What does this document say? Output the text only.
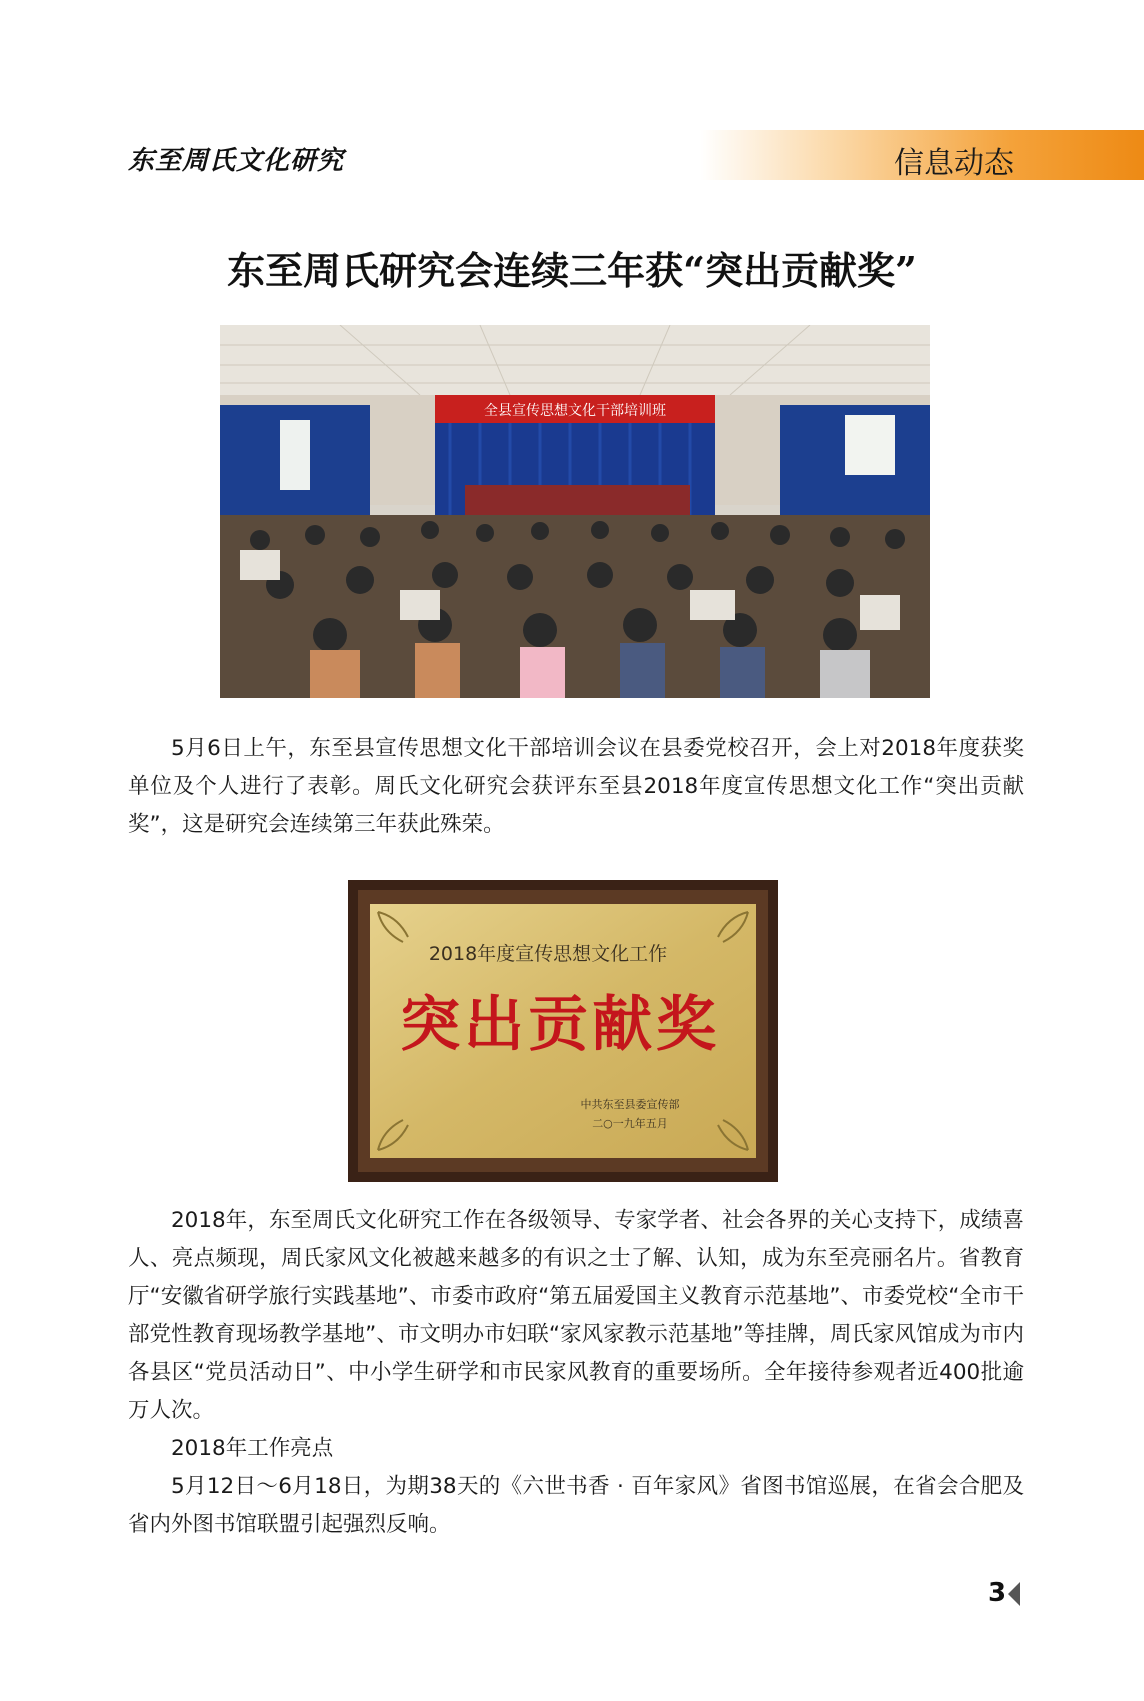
东至周氏文化研究	信息动态
东至周氏研究会连续三年获“突出贡献奖”
全县宣传思想文化干部培训班
5月6日上午，东至县宣传思想文化干部培训会议在县委党校召开，会上对2018年度获奖单位及个人进行了表彰。周氏文化研究会获评东至县2018年度宣传思想文化工作“突出贡献奖”，这是研究会连续第三年获此殊荣。
2018年度宣传思想文化工作
突出贡献奖
中共东至县委宣传部
二○一九年五月
2018年，东至周氏文化研究工作在各级领导、专家学者、社会各界的关心支持下，成绩喜人、亮点频现，周氏家风文化被越来越多的有识之士了解、认知，成为东至亮丽名片。省教育厅“安徽省研学旅行实践基地”、市委市政府“第五届爱国主义教育示范基地”、市委党校“全市干部党性教育现场教学基地”、市文明办市妇联“家风家教示范基地”等挂牌，周氏家风馆成为市内各县区“党员活动日”、中小学生研学和市民家风教育的重要场所。全年接待参观者近400批逾万人次。
2018年工作亮点
5月12日～6月18日，为期38天的《六世书香 · 百年家风》省图书馆巡展，在省会合肥及省内外图书馆联盟引起强烈反响。
3
